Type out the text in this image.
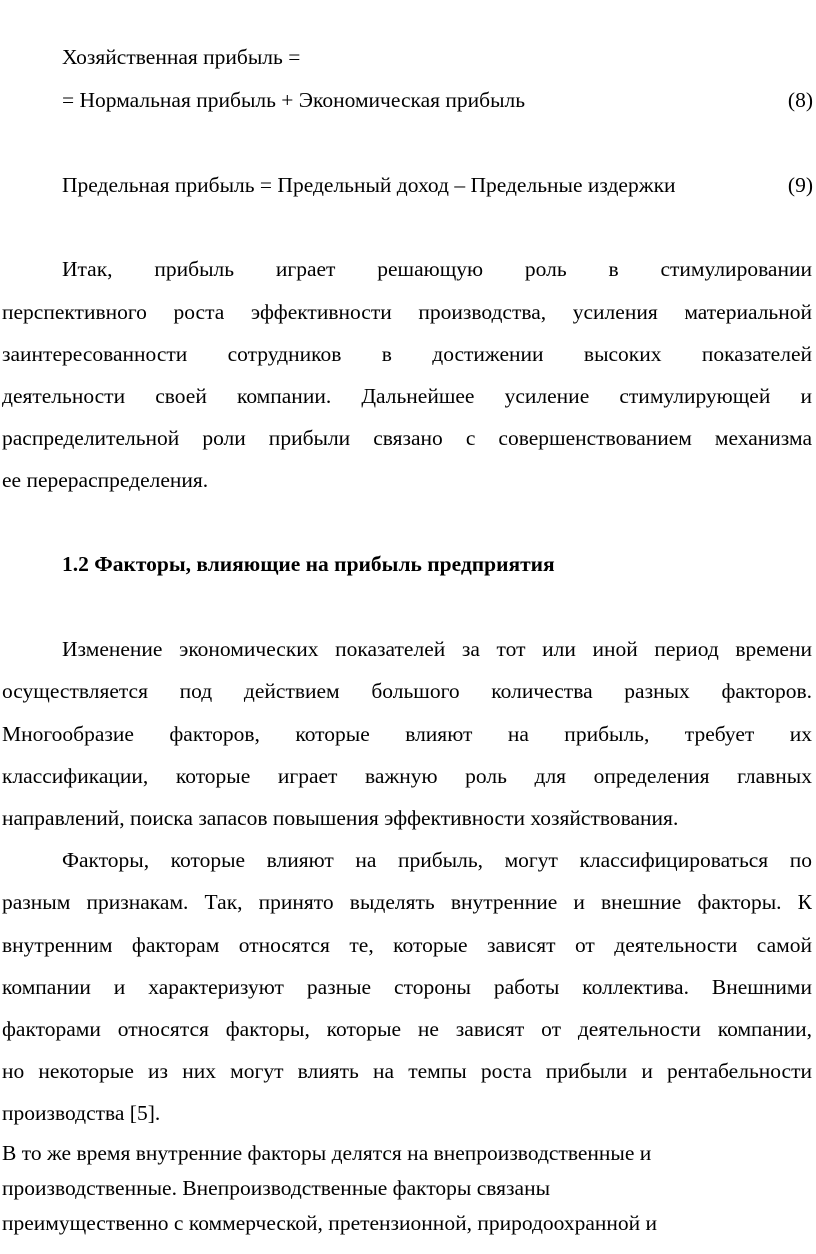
Хозяйственная прибыль =
= Нормальная прибыль + Экономическая прибыль	(8)
Предельная прибыль = Предельный доход – Предельные издержки	(9)
Итак, прибыль играет решающую роль в стимулировании
перспективного роста эффективности производства, усиления материальной
заинтересованности сотрудников в достижении высоких показателей
деятельности своей компании. Дальнейшее усиление стимулирующей и
распределительной роли прибыли связано с совершенствованием механизма
ее перераспределения.
1.2 Факторы, влияющие на прибыль предприятия
Изменение экономических показателей за тот или иной период времени
осуществляется под действием большого количества разных факторов.
Многообразие факторов, которые влияют на прибыль, требует их
классификации, которые играет важную роль для определения главных
направлений, поиска запасов повышения эффективности хозяйствования.
Факторы, которые влияют на прибыль, могут классифицироваться по
разным признакам. Так, принято выделять внутренние и внешние факторы. К
внутренним факторам относятся те, которые зависят от деятельности самой
компании и характеризуют разные стороны работы коллектива. Внешними
факторами относятся факторы, которые не зависят от деятельности компании,
но некоторые из них могут влиять на темпы роста прибыли и рентабельности
производства [5].
В то же время внутренние факторы делятся на внепроизводственные и
производственные. Внепроизводственные факторы связаны
преимущественно с коммерческой, претензионной, природоохранной и
